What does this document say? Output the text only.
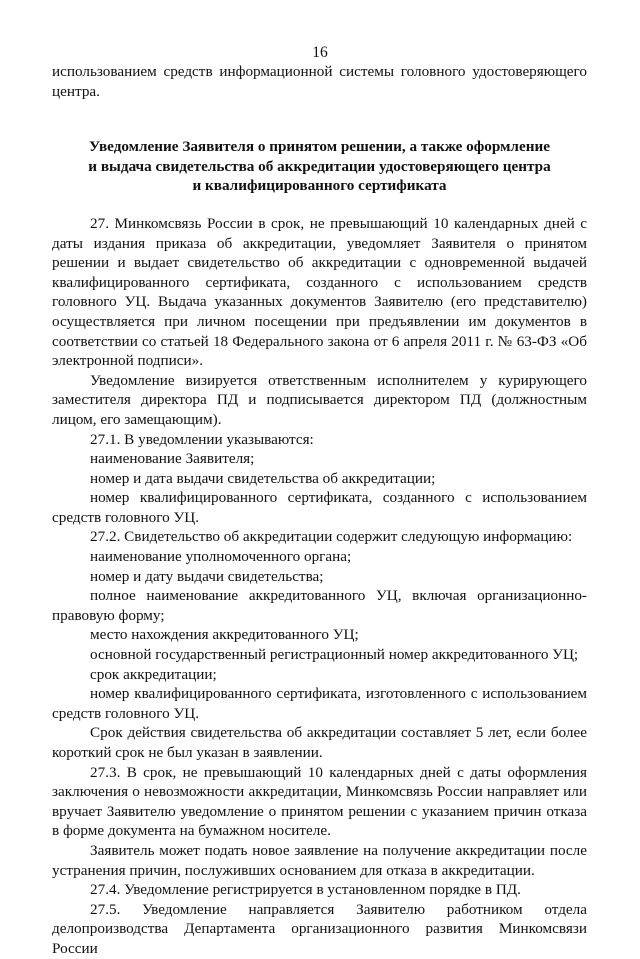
16

использованием средств информационной системы головного удостоверяющего центра.

Уведомление Заявителя о принятом решении, а также оформление
и выдача свидетельства об аккредитации удостоверяющего центра
и квалифицированного сертификата

27. Минкомсвязь России в срок, не превышающий 10 календарных дней с даты издания приказа об аккредитации, уведомляет Заявителя о принятом решении и выдает свидетельство об аккредитации с одновременной выдачей квалифицированного сертификата, созданного с использованием средств головного УЦ. Выдача указанных документов Заявителю (его представителю) осуществляется при личном посещении при предъявлении им документов в соответствии со статьей 18 Федерального закона от 6 апреля 2011 г. № 63-ФЗ «Об электронной подписи».

Уведомление визируется ответственным исполнителем у курирующего заместителя директора ПД и подписывается директором ПД (должностным лицом, его замещающим).

27.1. В уведомлении указываются:

наименование Заявителя;

номер и дата выдачи свидетельства об аккредитации;

номер квалифицированного сертификата, созданного с использованием средств головного УЦ.

27.2. Свидетельство об аккредитации содержит следующую информацию:

наименование уполномоченного органа;

номер и дату выдачи свидетельства;

полное наименование аккредитованного УЦ, включая организационно-правовую форму;

место нахождения аккредитованного УЦ;

основной государственный регистрационный номер аккредитованного УЦ;

срок аккредитации;

номер квалифицированного сертификата, изготовленного с использованием средств головного УЦ.

Срок действия свидетельства об аккредитации составляет 5 лет, если более короткий срок не был указан в заявлении.

27.3. В срок, не превышающий 10 календарных дней с даты оформления заключения о невозможности аккредитации, Минкомсвязь России направляет или вручает Заявителю уведомление о принятом решении с указанием причин отказа в форме документа на бумажном носителе.

Заявитель может подать новое заявление на получение аккредитации после устранения причин, послуживших основанием для отказа в аккредитации.

27.4. Уведомление регистрируется в установленном порядке в ПД.

27.5. Уведомление направляется Заявителю работником отдела делопроизводства Департамента организационного развития Минкомсвязи России
